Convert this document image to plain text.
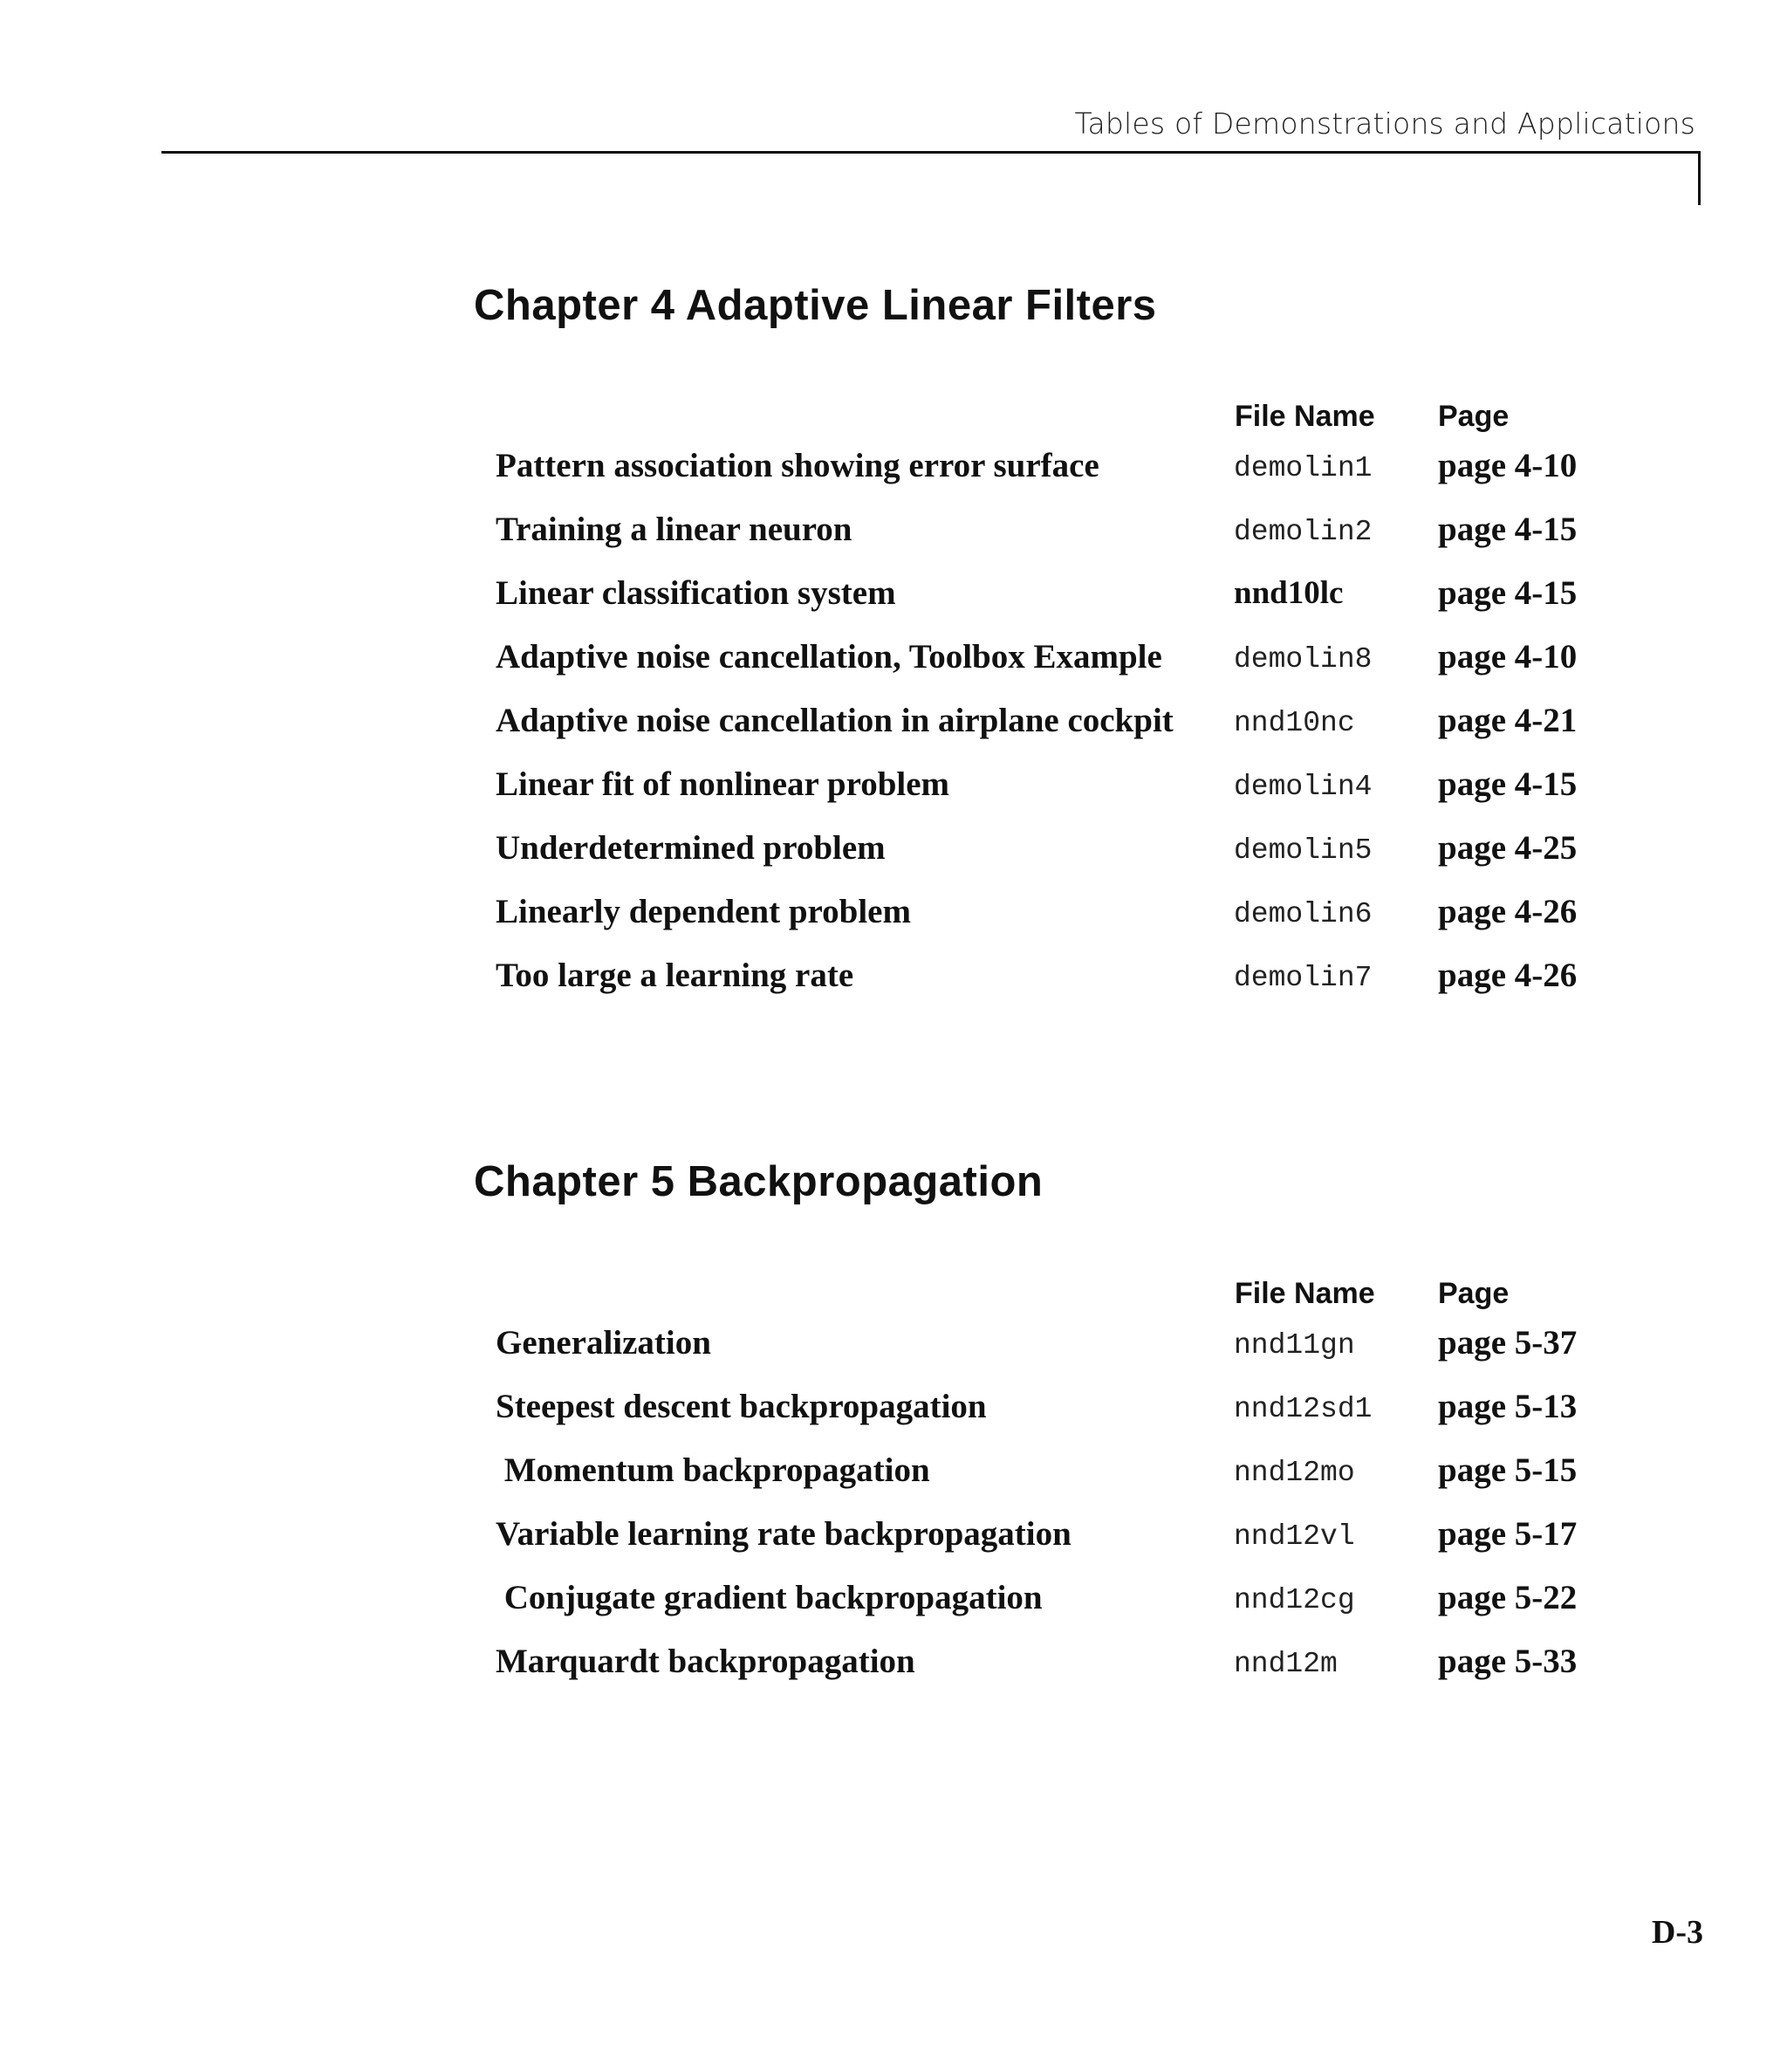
Tables of Demonstrations and Applications
Chapter 4 Adaptive Linear Filters
File Name Page
Pattern association showing error surface	demolin1 page 4-10
Training a linear neuron	demolin2 page 4-15
Linear classification system	nnd10lc	page 4-15
Adaptive noise cancellation, Toolbox Example demolin8 page 4-10
Adaptive noise cancellation in airplane cockpit nnd10nc page 4-21
Linear fit of nonlinear problem	demolin4 page 4-15
Underdetermined problem	demolin5 page 4-25
Linearly dependent problem	demolin6 page 4-26
Too large a learning rate	demolin7 page 4-26
Chapter 5 Backpropagation
File Name Page
Generalization	nnd11gn page 5-37
Steepest descent backpropagation	nnd12sd1 page 5-13
Momentum backpropagation	nnd12mo page 5-15
Variable learning rate backpropagation	nnd12vl page 5-17
Conjugate gradient backpropagation	nnd12cg page 5-22
Marquardt backpropagation	nnd12m	page 5-33
D-3
